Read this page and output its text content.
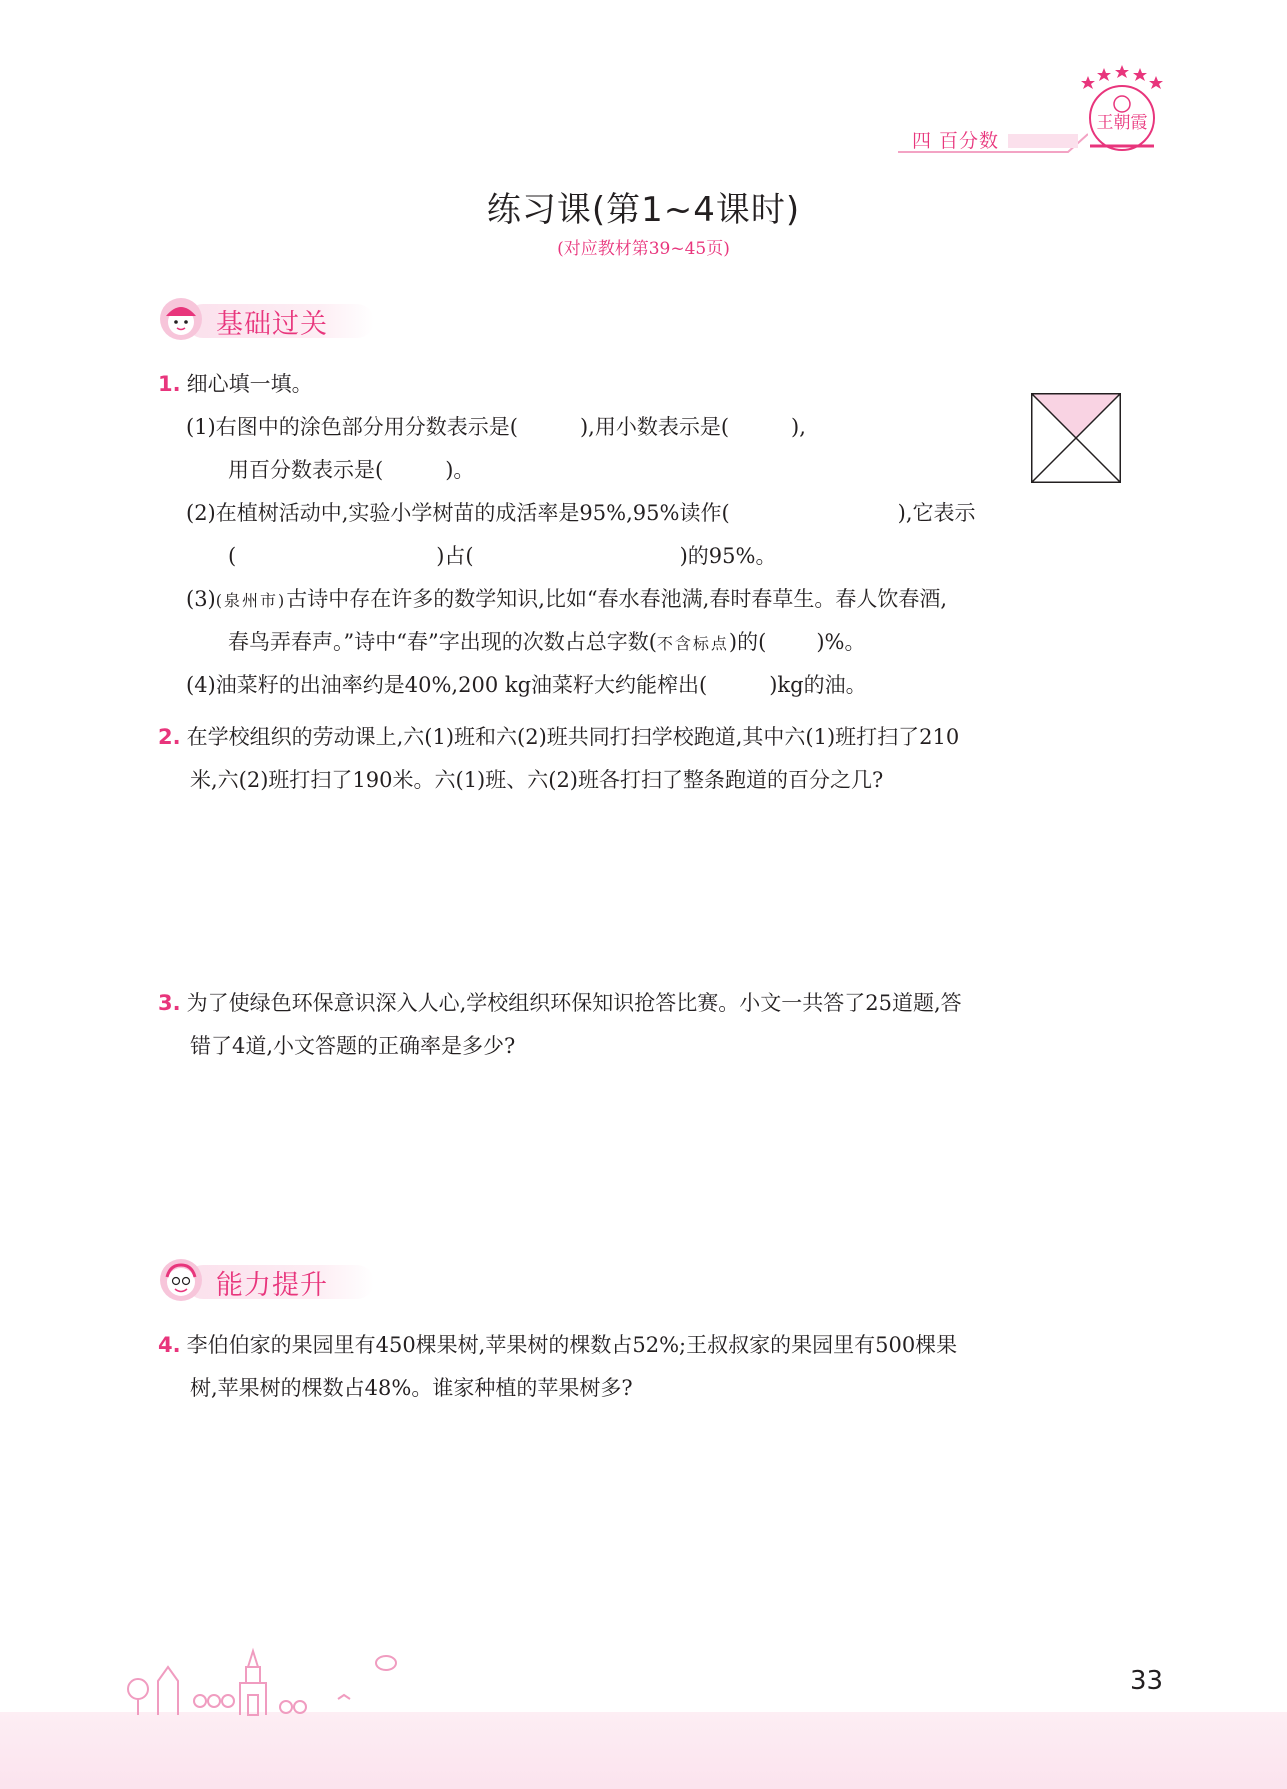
四 百分数
王朝霞
练习课(第1~4课时)
(对应教材第39~45页)
基础过关
1. 细心填一填。
(1)右图中的涂色部分用分数表示是(	),用小数表示是(	),
用百分数表示是(	)。
(2)在植树活动中,实验小学树苗的成活率是95%,95%读作(	),它表示
(	)占(	)的95%。
(3)(泉州市)古诗中存在许多的数学知识,比如“春水春池满,春时春草生。春人饮春酒,
春鸟弄春声。”诗中“春”字出现的次数占总字数(不含标点)的( )%。
(4)油菜籽的出油率约是40%,200 kg油菜籽大约能榨出(	)kg的油。
2. 在学校组织的劳动课上,六(1)班和六(2)班共同打扫学校跑道,其中六(1)班打扫了210
米,六(2)班打扫了190米。六(1)班、六(2)班各打扫了整条跑道的百分之几?
3. 为了使绿色环保意识深入人心,学校组织环保知识抢答比赛。小文一共答了25道题,答
错了4道,小文答题的正确率是多少?
能力提升
4. 李伯伯家的果园里有450棵果树,苹果树的棵数占52%;王叔叔家的果园里有500棵果
树,苹果树的棵数占48%。谁家种植的苹果树多?
33
